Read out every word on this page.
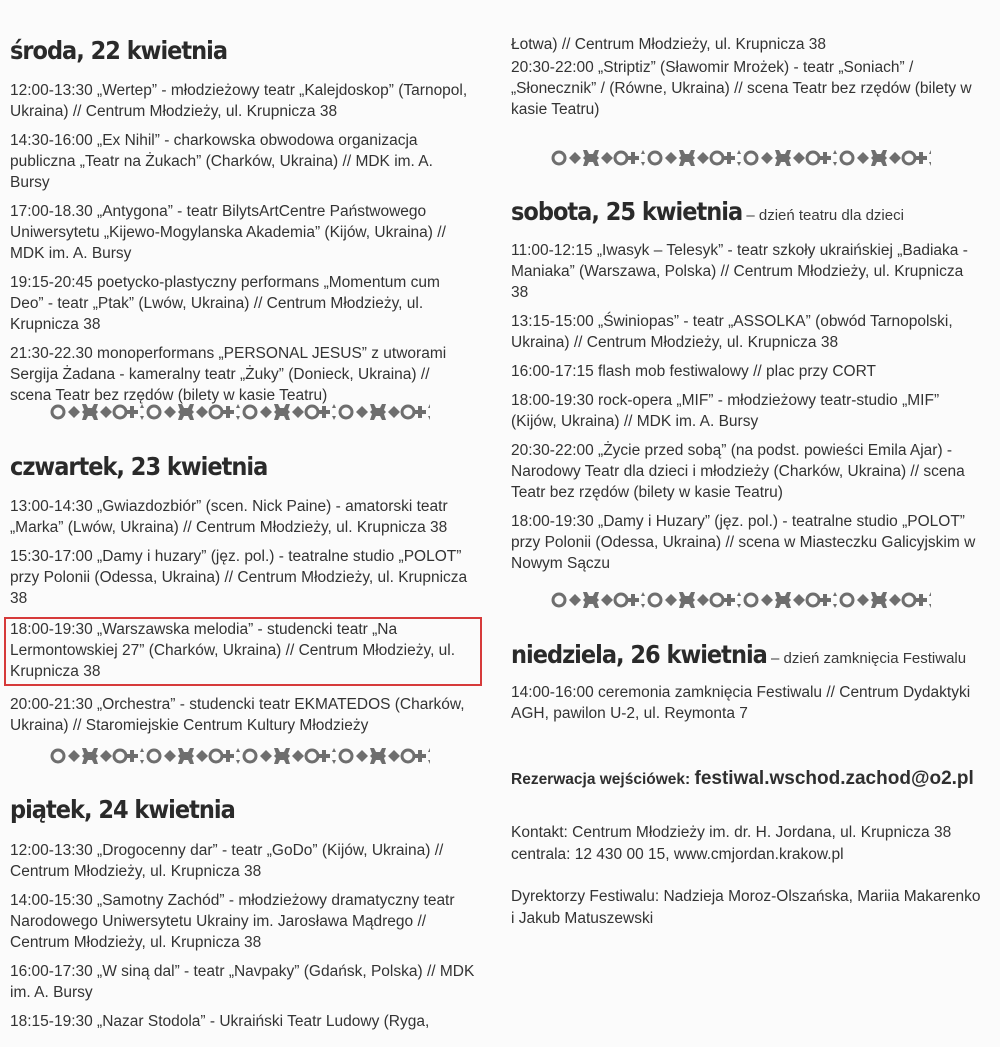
środa, 22 kwietnia

12:00-13:30 „Wertep” - młodzieżowy teatr „Kalejdoskop” (Tarnopol, Ukraina) // Centrum Młodzieży, ul. Krupnicza 38

14:30-16:00 „Ex Nihil” - charkowska obwodowa organizacja publiczna „Teatr na Żukach” (Charków, Ukraina) // MDK im. A. Bursy

17:00-18.30 „Antygona” - teatr BilytsArtCentre Państwowego Uniwersytetu „Kijewo-Mogylanska Akademia” (Kijów, Ukraina) // MDK im. A. Bursy

19:15-20:45 poetycko-plastyczny performans „Momentum cum Deo” - teatr „Ptak” (Lwów, Ukraina) // Centrum Młodzieży, ul. Krupnicza 38

21:30-22.30 monoperformans „PERSONAL JESUS” z utworami Sergija Żadana - kameralny teatr „Żuky” (Donieck, Ukraina) // scena Teatr bez rzędów (bilety w kasie Teatru)

czwartek, 23 kwietnia

13:00-14:30 „Gwiazdozbiór” (scen. Nick Paine) - amatorski teatr „Marka” (Lwów, Ukraina) // Centrum Młodzieży, ul. Krupnicza 38

15:30-17:00 „Damy i huzary” (jęz. pol.) - teatralne studio „POLOT” przy Polonii (Odessa, Ukraina) // Centrum Młodzieży, ul. Krupnicza 38

18:00-19:30 „Warszawska melodia” - studencki teatr „Na Lermontowskiej 27” (Charków, Ukraina) // Centrum Młodzieży, ul. Krupnicza 38

20:00-21:30 „Orchestra” - studencki teatr EKMATEDOS (Charków, Ukraina) // Staromiejskie Centrum Kultury Młodzieży

piątek, 24 kwietnia

12:00-13:30 „Drogocenny dar” - teatr „GoDo” (Kijów, Ukraina) // Centrum Młodzieży, ul. Krupnicza 38

14:00-15:30 „Samotny Zachód” - młodzieżowy dramatyczny teatr Narodowego Uniwersytetu Ukrainy im. Jarosława Mądrego // Centrum Młodzieży, ul. Krupnicza 38

16:00-17:30 „W siną dal” - teatr „Navpaky” (Gdańsk, Polska) // MDK im. A. Bursy

18:15-19:30 „Nazar Stodola” - Ukraiński Teatr Ludowy (Ryga,

Łotwa) // Centrum Młodzieży, ul. Krupnicza 38

20:30-22:00 „Striptiz” (Sławomir Mrożek) - teatr „Soniach” / „Słonecznik” / (Równe, Ukraina) // scena Teatr bez rzędów (bilety w kasie Teatru)

sobota, 25 kwietnia – dzień teatru dla dzieci

11:00-12:15 „Iwasyk – Telesyk” - teatr szkoły ukraińskiej „Badiaka -Maniaka” (Warszawa, Polska) // Centrum Młodzieży, ul. Krupnicza 38

13:15-15:00 „Świniopas” - teatr „ASSOLKA” (obwód Tarnopolski, Ukraina) // Centrum Młodzieży, ul. Krupnicza 38

16:00-17:15 flash mob festiwalowy // plac przy CORT

18:00-19:30 rock-opera „MIF” - młodzieżowy teatr-studio „MIF” (Kijów, Ukraina) // MDK im. A. Bursy

20:30-22:00 „Życie przed sobą” (na podst. powieści Emila Ajar) - Narodowy Teatr dla dzieci i młodzieży (Charków, Ukraina) // scena Teatr bez rzędów (bilety w kasie Teatru)

18:00-19:30 „Damy i Huzary” (jęz. pol.) - teatralne studio „POLOT” przy Polonii (Odessa, Ukraina) // scena w Miasteczku Galicyjskim w Nowym Sączu

niedziela, 26 kwietnia – dzień zamknięcia Festiwalu

14:00-16:00 ceremonia zamknięcia Festiwalu // Centrum Dydaktyki AGH, pawilon U-2, ul. Reymonta 7

Rezerwacja wejściówek: festiwal.wschod.zachod@o2.pl

Kontakt: Centrum Młodzieży im. dr. H. Jordana, ul. Krupnicza 38

centrala: 12 430 00 15, www.cmjordan.krakow.pl

Dyrektorzy Festiwalu: Nadzieja Moroz-Olszańska, Mariia Makarenko i Jakub Matuszewski
